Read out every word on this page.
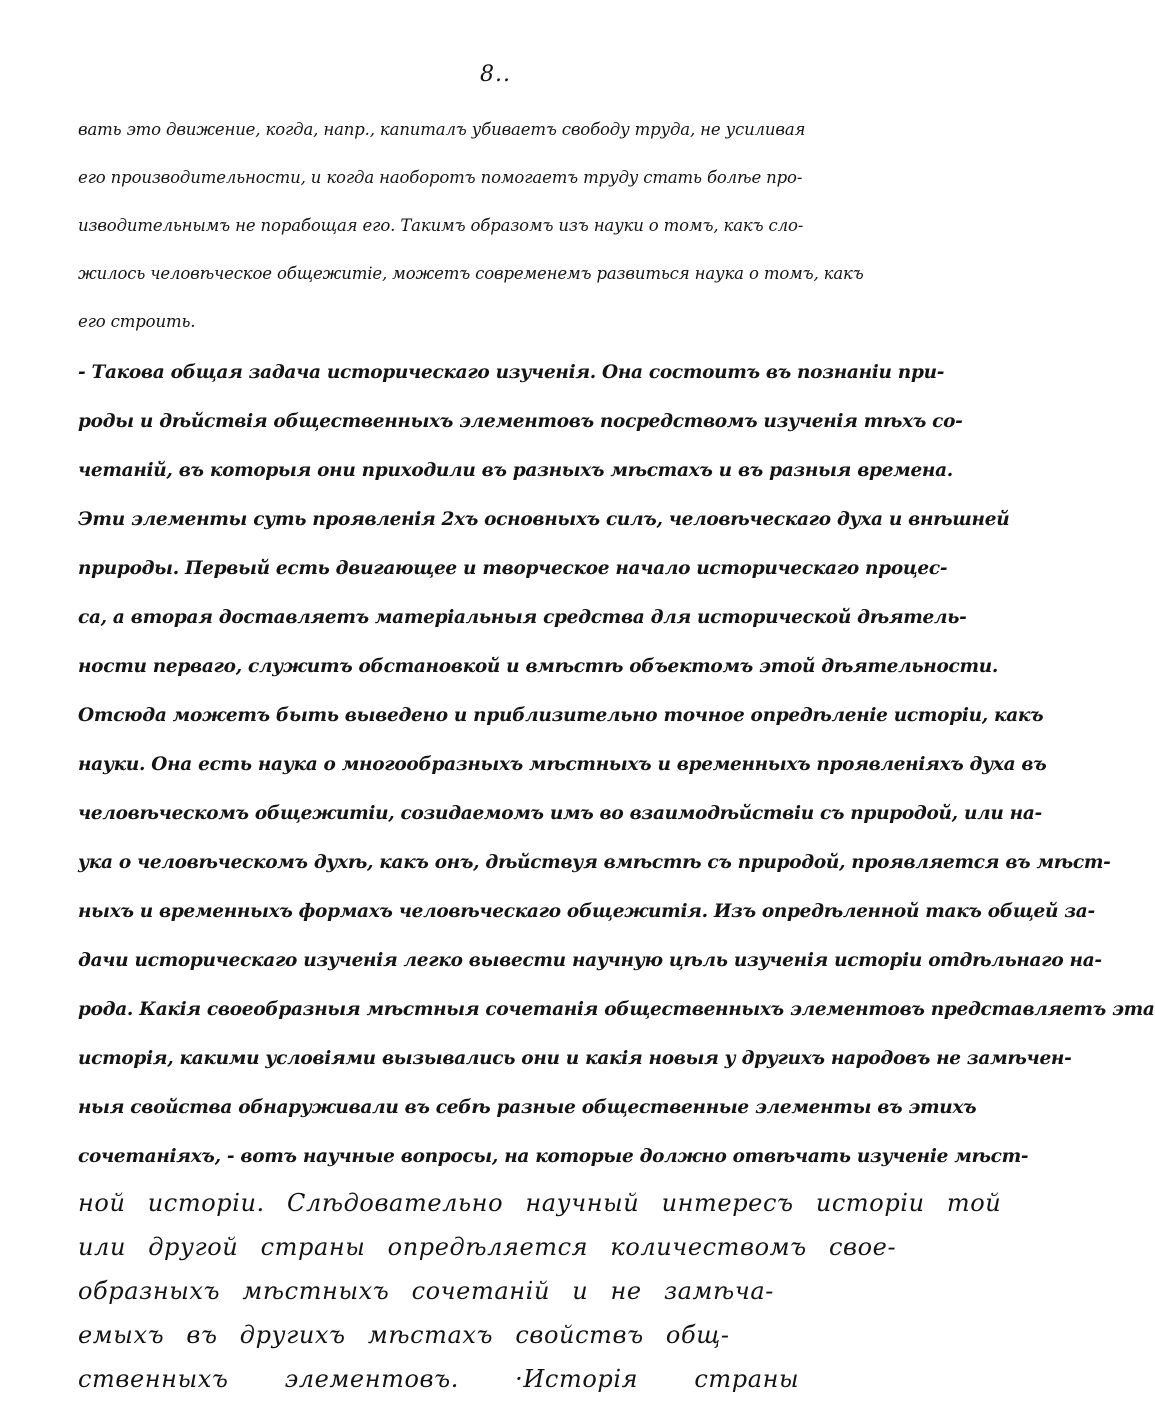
8..
вать это движение, когда, напр., капиталъ убиваетъ свободу труда, не усиливая
его производительности, и когда наоборотъ помогаетъ труду стать болѣе про-
изводительнымъ не порабощая его. Такимъ образомъ изъ науки о томъ, какъ сло-
жилось человѣческое общежитіе, можетъ современемъ развиться наука о томъ, какъ
его строить.
- Такова общая задача историческаго изученія. Она состоитъ въ познаніи при-
роды и дѣйствія общественныхъ элементовъ посредствомъ изученія тѣхъ со-
четаній, въ которыя они приходили въ разныхъ мѣстахъ и въ разныя времена.
Эти элементы суть проявленія 2хъ основныхъ силъ, человѣческаго духа и внѣшней
природы. Первый есть двигающее и творческое начало историческаго процес-
са, а вторая доставляетъ матеріальныя средства для исторической дѣятель-
ности перваго, служитъ обстановкой и вмѣстѣ объектомъ этой дѣятельности.
Отсюда можетъ быть выведено и приблизительно точное опредѣленіе исторіи, какъ
науки. Она есть наука о многообразныхъ мѣстныхъ и временныхъ проявленіяхъ духа въ
человѣческомъ общежитіи, созидаемомъ имъ во взаимодѣйствіи съ природой, или на-
ука о человѣческомъ духѣ, какъ онъ, дѣйствуя вмѣстѣ съ природой, проявляется въ мѣст-
ныхъ и временныхъ формахъ человѣческаго общежитія. Изъ опредѣленной такъ общей за-
дачи историческаго изученія легко вывести научную цѣль изученія исторіи отдѣльнаго на-
рода. Какія своеобразныя мѣстныя сочетанія общественныхъ элементовъ представляетъ эта
исторія, какими условіями вызывались они и какія новыя у другихъ народовъ не замѣчен-
ныя свойства обнаруживали въ себѣ разные общественные элементы въ этихъ
сочетаніяхъ, - вотъ научные вопросы, на которые должно отвѣчать изученіе мѣст-
ной исторіи. Слѣдовательно научный интересъ исторіи той
или другой страны опредѣляется количествомъ свое-
образныхъ мѣстныхъ сочетаній и не замѣча-
емыхъ въ другихъ мѣстахъ свойствъ общ-
ственныхъ элементовъ. ·Исторія страны
